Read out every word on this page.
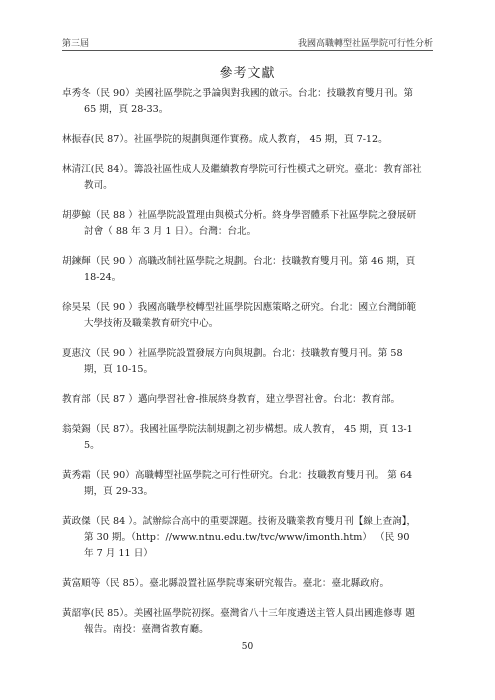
第三屆	我國高職轉型社區學院可行性分析
參考文獻

卓秀冬（民 90）美國社區學院之爭論與對我國的啟示。台北：技職教育雙月刊。第 65 期，頁 28-33。

林振春(民 87）。社區學院的規劃與運作實務。成人教育， 45 期，頁 7-12。

林清江(民 84）。籌設社區性成人及繼續教育學院可行性模式之研究。臺北：教育部社教司。

胡夢鯨（民 88 ）社區學院設置理由與模式分析。終身學習體系下社區學院之發展研討會（ 88 年 3 月 1 日）。台灣：台北。

胡鍊輝（民 90 ）高職改制社區學院之規劃。台北：技職教育雙月刊。第 46 期，頁 18-24。

徐昊杲（民 90 ）我國高職學校轉型社區學院因應策略之研究。台北：國立台灣師範大學技術及職業教育研究中心。

夏惠汶（民 90 ）社區學院設置發展方向與規劃。台北：技職教育雙月刊。第 58 期，頁 10-15。

教育部（民 87 ）邁向學習社會-推展終身教育，建立學習社會。台北：教育部。

翁榮錫（民 87）。我國社區學院法制規劃之初步構想。成人教育， 45 期，頁 13-15。

黃秀霜（民 90）高職轉型社區學院之可行性研究。台北：技職教育雙月刊。 第 64 期，頁 29-33。

黃政傑（民 84 ）。試辦綜合高中的重要課題。技術及職業教育雙月刊【線上查詢】，第 30 期。（http：//www.ntnu.edu.tw/tvc/www/imonth.htm） （民 90 年 7 月 11 日）

黃富順等（民 85）。臺北縣設置社區學院專案研究報告。臺北：臺北縣政府。

黃韶寧(民 85）。美國社區學院初探。臺灣省八十三年度遴送主管人員出國進修專 題報告。南投：臺灣省教育廳。

50
